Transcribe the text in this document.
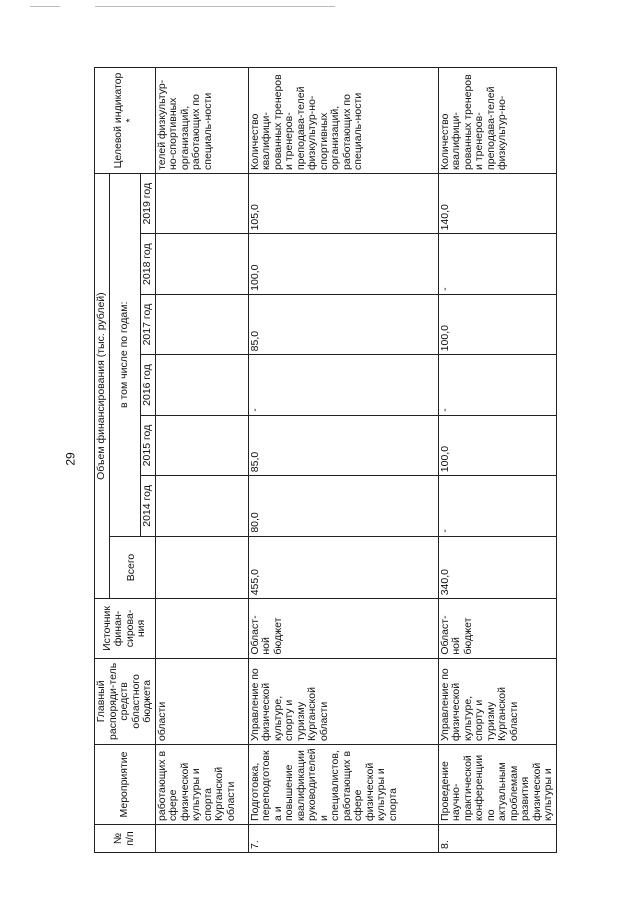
29
№ п/п	Мероприятие	Главный распоряди-тель средств областного бюджета	Источник финан-сирова-ния	Объем финансирования (тыс. рублей)							Целевой индикатор *
				Всего	в том числе по годам:						
					2014 год	2015 год	2016 год	2017 год	2018 год	2019 год	
	работающих в сфере физической культуры и спорта Курганской области	области									телей физкультур-но-спортивных организаций, работающих по специаль-ности
7.	Подготовка, переподготовка и повышение квалификации руководителей и специалистов, работающих в сфере физической культуры и спорта	Управление по физической культуре, спорту и туризму Курганской области	Област-ной бюджет	455,0	80,0	85,0	-	85,0	100,0	105,0	Количество квалифици-рованных тренеров и тренеров-преподава-телей физкультур-но-спортивных организаций, работающих по специаль-ности
8.	Проведение научно-практической конференции по актуальным проблемам развития физической культуры и	Управление по физической культуре, спорту и туризму Курганской области	Област-ной бюджет	340,0	-	100,0	-	100,0	-	140,0	Количество квалифици-рованных тренеров и тренеров-преподава-телей физкультур-но-
